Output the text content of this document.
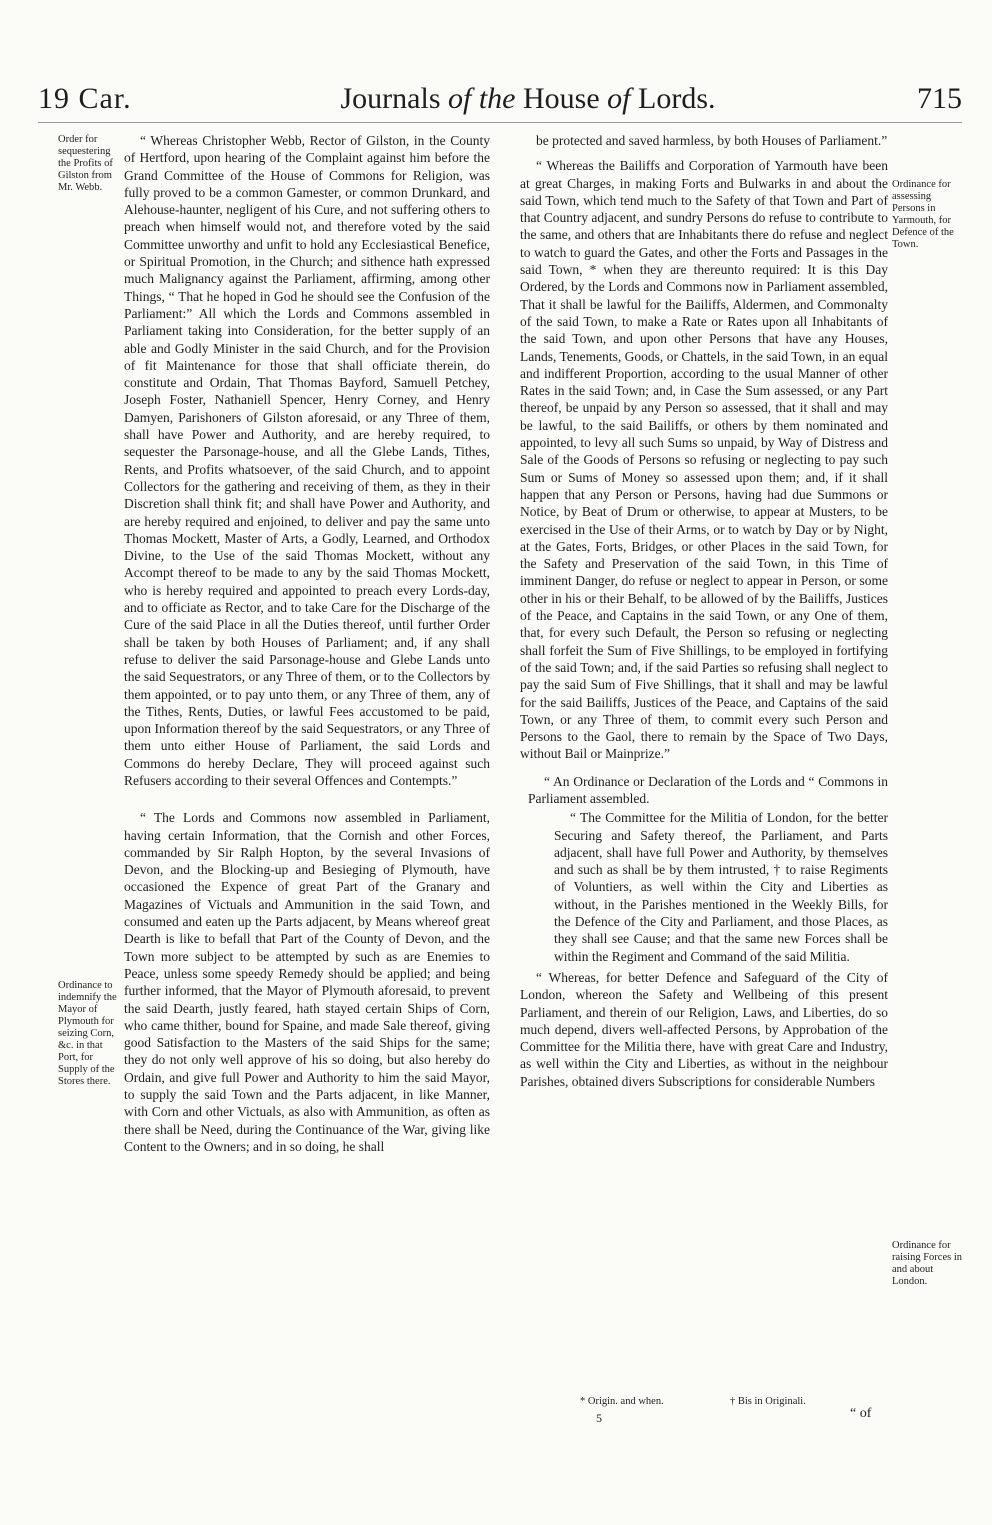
19 Car.	Journals of the House of Lords.	715
Order for sequestering the Profits of Gilston from Mr. Webb.
Ordinance to indemnify the Mayor of Plymouth for seizing Corn, &c. in that Port, for Supply of the Stores there.
Ordinance for assessing Persons in Yarmouth, for Defence of the Town.
Ordinance for raising Forces in and about London.

“ Whereas Christopher Webb, Rector of Gilston, in the County of Hertford, upon hearing of the Complaint against him before the Grand Committee of the House of Commons for Religion, was fully proved to be a common Gamester, or common Drunkard, and Alehouse-haunter, negligent of his Cure, and not suffering others to preach when himself would not, and therefore voted by the said Committee unworthy and unfit to hold any Ecclesiastical Benefice, or Spiritual Promotion, in the Church; and sithence hath expressed much Malignancy against the Parliament, affirming, among other Things, “ That he hoped in God he should see the Confusion of the Parliament:” All which the Lords and Commons assembled in Parliament taking into Consideration, for the better supply of an able and Godly Minister in the said Church, and for the Provision of fit Maintenance for those that shall officiate therein, do constitute and Ordain, That Thomas Bayford, Samuell Petchey, Joseph Foster, Nathaniell Spencer, Henry Corney, and Henry Damyen, Parishoners of Gilston aforesaid, or any Three of them, shall have Power and Authority, and are hereby required, to sequester the Parsonage-house, and all the Glebe Lands, Tithes, Rents, and Profits whatsoever, of the said Church, and to appoint Collectors for the gathering and receiving of them, as they in their Discretion shall think fit; and shall have Power and Authority, and are hereby required and enjoined, to deliver and pay the same unto Thomas Mockett, Master of Arts, a Godly, Learned, and Orthodox Divine, to the Use of the said Thomas Mockett, without any Accompt thereof to be made to any by the said Thomas Mockett, who is hereby required and appointed to preach every Lords-day, and to officiate as Rector, and to take Care for the Discharge of the Cure of the said Place in all the Duties thereof, until further Order shall be taken by both Houses of Parliament; and, if any shall refuse to deliver the said Parsonage-house and Glebe Lands unto the said Sequestrators, or any Three of them, or to the Collectors by them appointed, or to pay unto them, or any Three of them, any of the Tithes, Rents, Duties, or lawful Fees accustomed to be paid, upon Information thereof by the said Sequestrators, or any Three of them unto either House of Parliament, the said Lords and Commons do hereby Declare, They will proceed against such Refusers according to their several Offences and Contempts.”

“ The Lords and Commons now assembled in Parliament, having certain Information, that the Cornish and other Forces, commanded by Sir Ralph Hopton, by the several Invasions of Devon, and the Blocking-up and Besieging of Plymouth, have occasioned the Expence of great Part of the Granary and Magazines of Victuals and Ammunition in the said Town, and consumed and eaten up the Parts adjacent, by Means whereof great Dearth is like to befall that Part of the County of Devon, and the Town more subject to be attempted by such as are Enemies to Peace, unless some speedy Remedy should be applied; and being further informed, that the Mayor of Plymouth aforesaid, to prevent the said Dearth, justly feared, hath stayed certain Ships of Corn, who came thither, bound for Spaine, and made Sale thereof, giving good Satisfaction to the Masters of the said Ships for the same; they do not only well approve of his so doing, but also hereby do Ordain, and give full Power and Authority to him the said Mayor, to supply the said Town and the Parts adjacent, in like Manner, with Corn and other Victuals, as also with Ammunition, as often as there shall be Need, during the Continuance of the War, giving like Content to the Owners; and in so doing, he shall

be protected and saved harmless, by both Houses of Parliament.”

“ Whereas the Bailiffs and Corporation of Yarmouth have been at great Charges, in making Forts and Bulwarks in and about the said Town, which tend much to the Safety of that Town and Part of that Country adjacent, and sundry Persons do refuse to contribute to the same, and others that are Inhabitants there do refuse and neglect to watch to guard the Gates, and other the Forts and Passages in the said Town, * when they are thereunto required: It is this Day Ordered, by the Lords and Commons now in Parliament assembled, That it shall be lawful for the Bailiffs, Aldermen, and Commonalty of the said Town, to make a Rate or Rates upon all Inhabitants of the said Town, and upon other Persons that have any Houses, Lands, Tenements, Goods, or Chattels, in the said Town, in an equal and indifferent Proportion, according to the usual Manner of other Rates in the said Town; and, in Case the Sum assessed, or any Part thereof, be unpaid by any Person so assessed, that it shall and may be lawful, to the said Bailiffs, or others by them nominated and appointed, to levy all such Sums so unpaid, by Way of Distress and Sale of the Goods of Persons so refusing or neglecting to pay such Sum or Sums of Money so assessed upon them; and, if it shall happen that any Person or Persons, having had due Summons or Notice, by Beat of Drum or otherwise, to appear at Musters, to be exercised in the Use of their Arms, or to watch by Day or by Night, at the Gates, Forts, Bridges, or other Places in the said Town, for the Safety and Preservation of the said Town, in this Time of imminent Danger, do refuse or neglect to appear in Person, or some other in his or their Behalf, to be allowed of by the Bailiffs, Justices of the Peace, and Captains in the said Town, or any One of them, that, for every such Default, the Person so refusing or neglecting shall forfeit the Sum of Five Shillings, to be employed in fortifying of the said Town; and, if the said Parties so refusing shall neglect to pay the said Sum of Five Shillings, that it shall and may be lawful for the said Bailiffs, Justices of the Peace, and Captains of the said Town, or any Three of them, to commit every such Person and Persons to the Gaol, there to remain by the Space of Two Days, without Bail or Mainprize.”

“ An Ordinance or Declaration of the Lords and “ Commons in Parliament assembled.

“ The Committee for the Militia of London, for the better Securing and Safety thereof, the Parliament, and Parts adjacent, shall have full Power and Authority, by themselves and such as shall be by them intrusted, † to raise Regiments of Voluntiers, as well within the City and Liberties as without, in the Parishes mentioned in the Weekly Bills, for the Defence of the City and Parliament, and those Places, as they shall see Cause; and that the same new Forces shall be within the Regiment and Command of the said Militia.

“ Whereas, for better Defence and Safeguard of the City of London, whereon the Safety and Wellbeing of this present Parliament, and therein of our Religion, Laws, and Liberties, do so much depend, divers well-affected Persons, by Approbation of the Committee for the Militia there, have with great Care and Industry, as well within the City and Liberties, as without in the neighbour Parishes, obtained divers Subscriptions for considerable Numbers

* Origin. and when.	† Bis in Originali.
5	“ of
